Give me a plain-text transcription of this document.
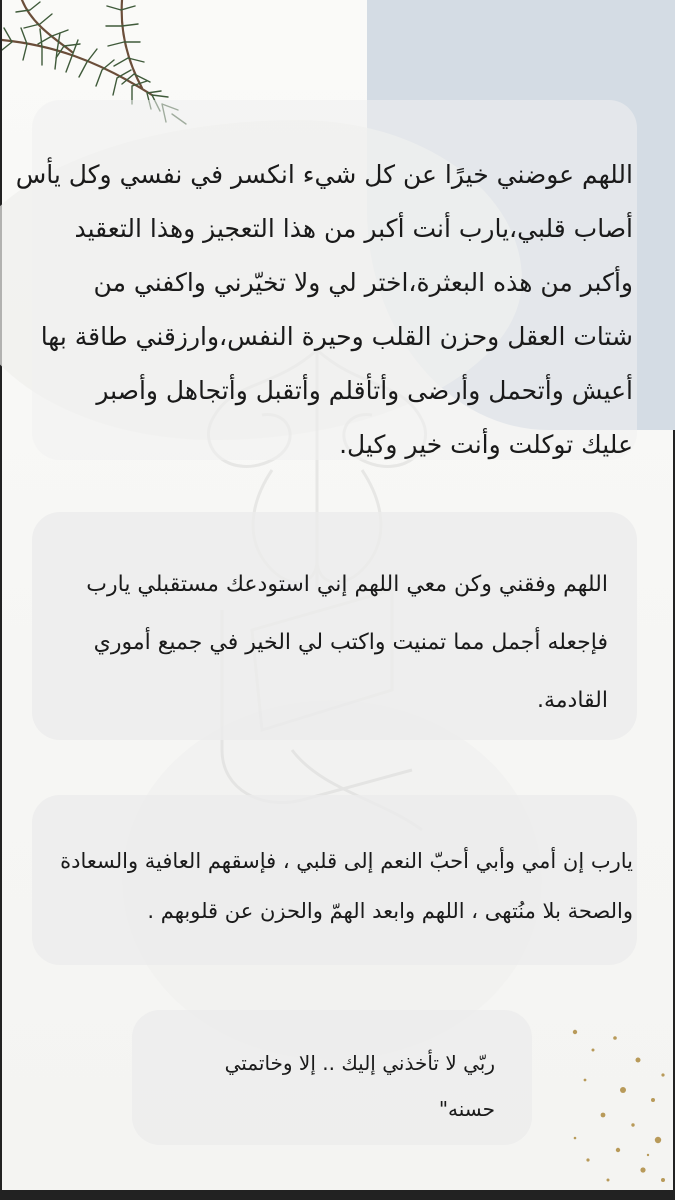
اللهم عوضني خيرًا عن كل شيء انكسر في نفسي وكل يأس
أصاب قلبي،يارب أنت أكبر من هذا التعجيز وهذا التعقيد
وأكبر من هذه البعثرة،اختر لي ولا تخيّرني واكفني من
شتات العقل وحزن القلب وحيرة النفس،وارزقني طاقة بها
أعيش وأتحمل وأرضى وأتأقلم وأتقبل وأتجاهل وأصبر
عليك توكلت وأنت خير وكيل.

اللهم وفقني وكن معي اللهم إني استودعك مستقبلي يارب
فإجعله أجمل مما تمنيت واكتب لي الخير في جميع أموري
القادمة.

يارب إن أمي وأبي أحبّ النعم إلى قلبي ، فإسقهم العافية والسعادة
والصحة بلا منُتهى ، اللهم وابعد الهمّ والحزن عن قلوبهم .

ربّي لا تأخذني إليك .. إلا وخاتمتي
حسنه"
